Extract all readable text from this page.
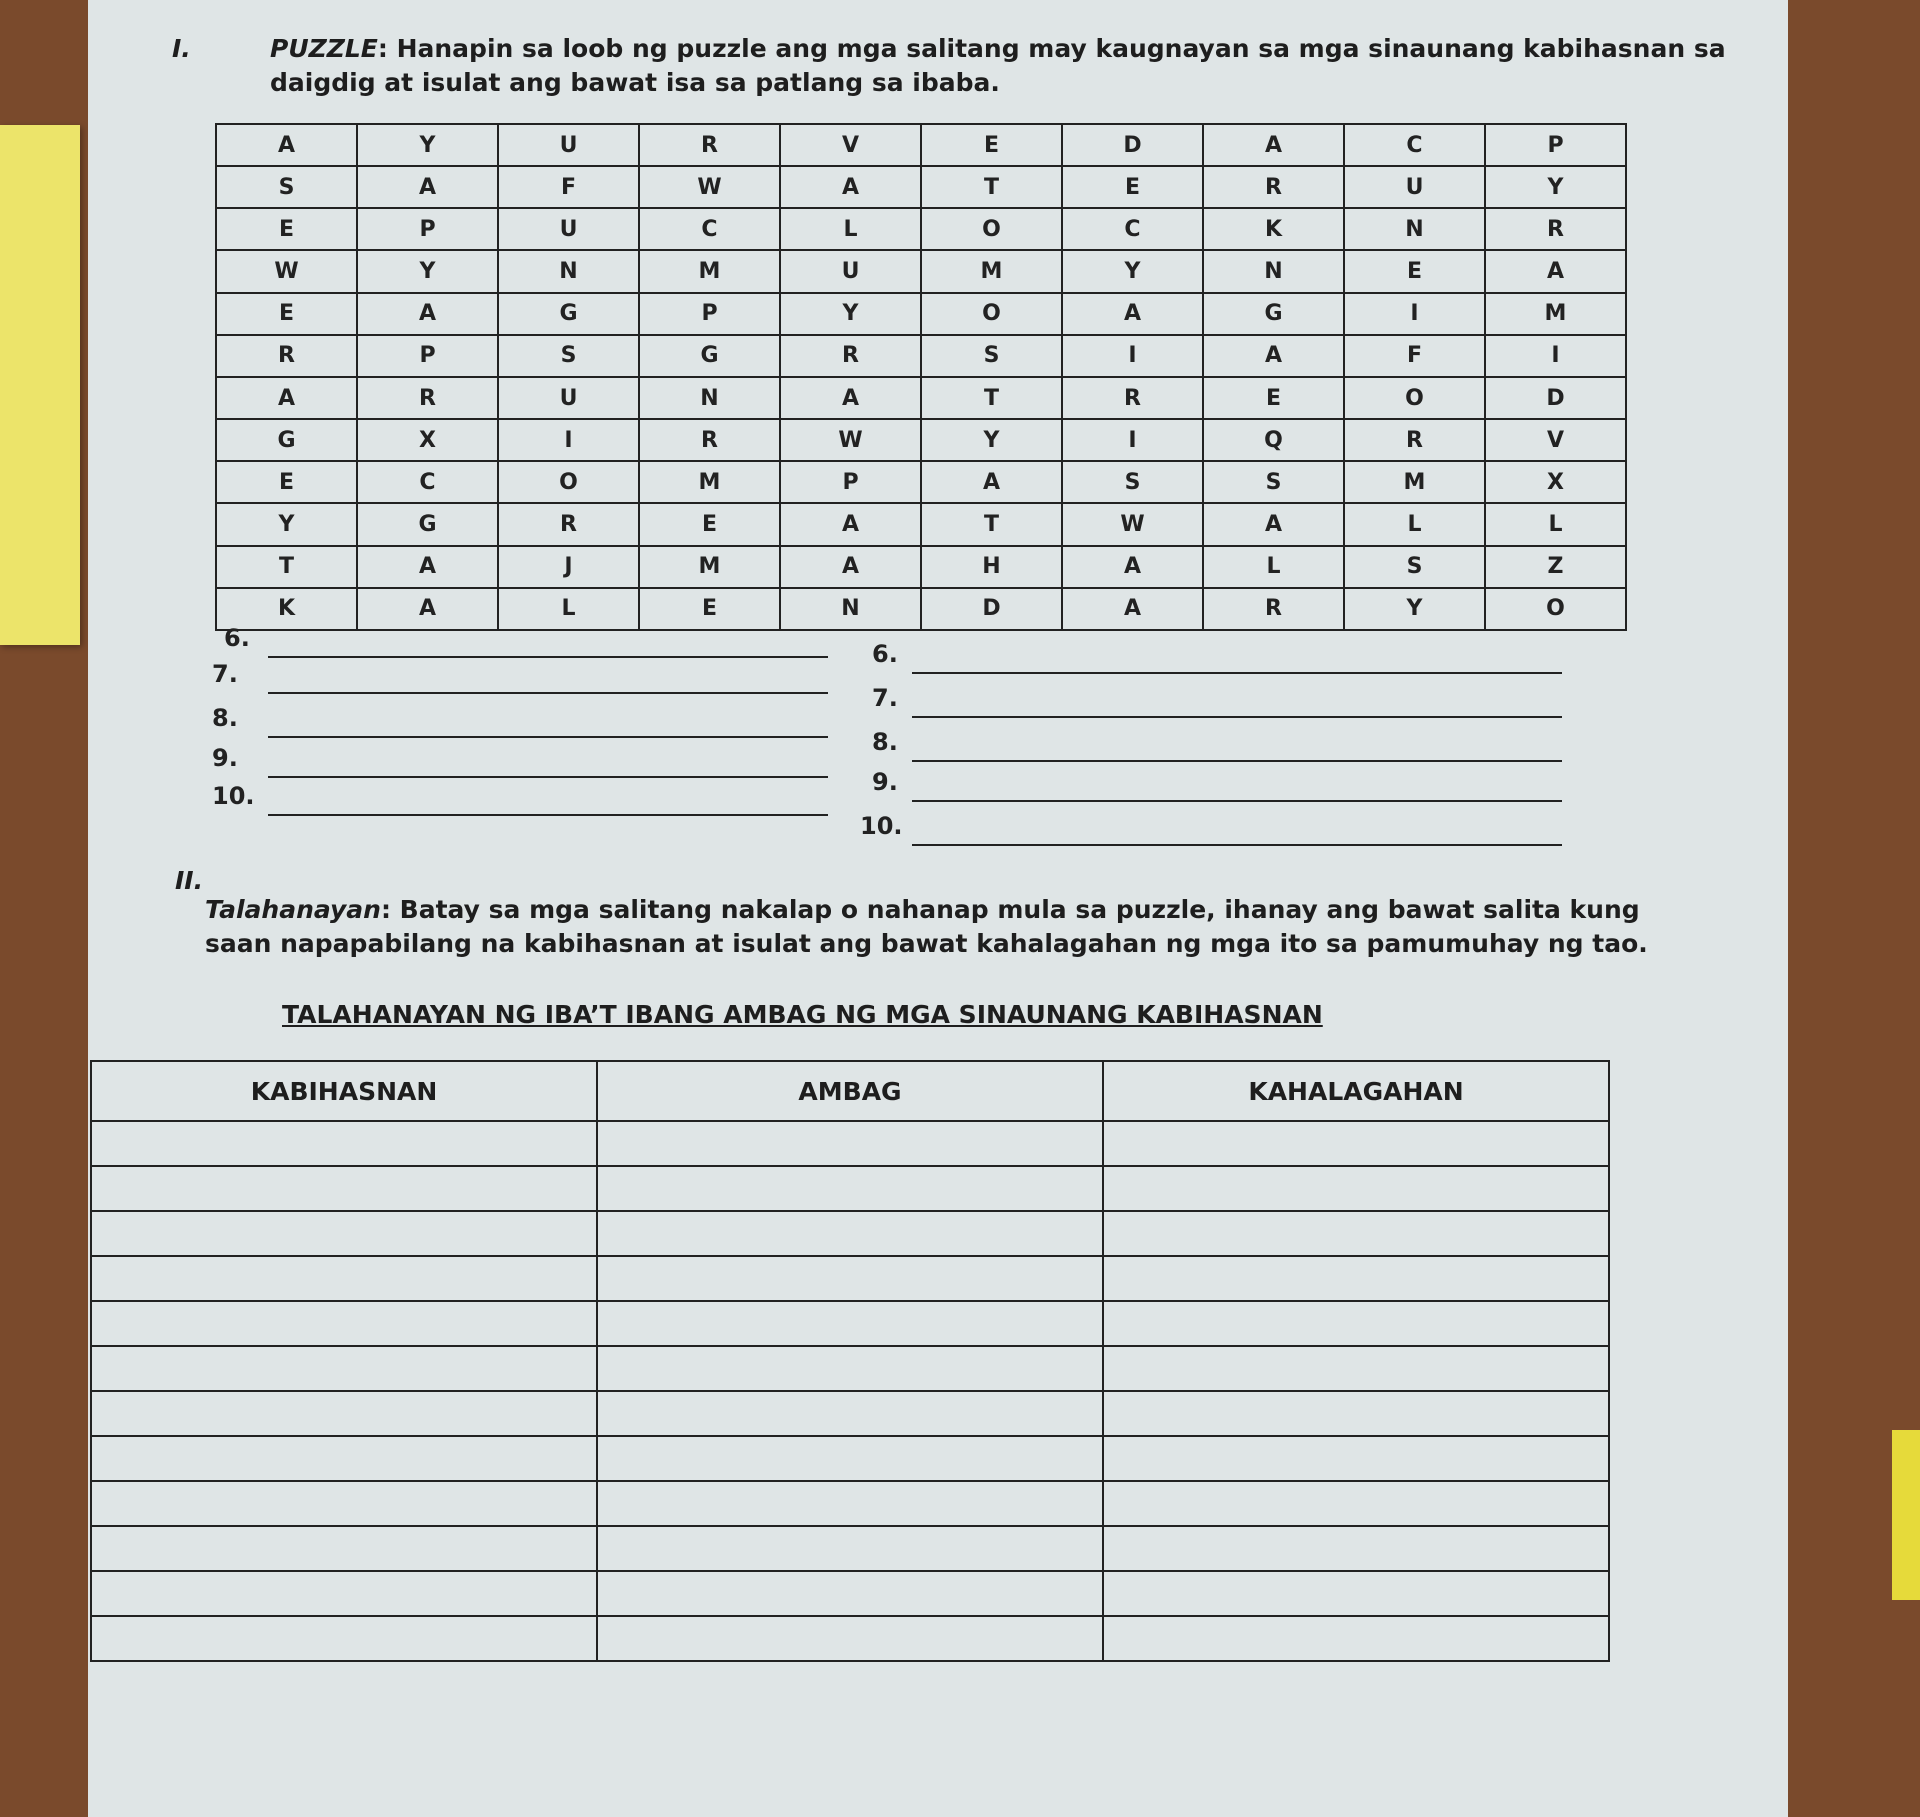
I.	PUZZLE: Hanapin sa loob ng puzzle ang mga salitang may kaugnayan sa mga sinaunang kabihasnan sa
daigdig at isulat ang bawat isa sa patlang sa ibaba.
A	Y	U	R	V	E	D	A	C	P
S	A	F	W	A	T	E	R	U	Y
E	P	U	C	L	O	C	K	N	R
W	Y	N	M	U	M	Y	N	E	A
E	A	G	P	Y	O	A	G	I	M
R	P	S	G	R	S	I	A	F	I
A	R	U	N	A	T	R	E	O	D
G	X	I	R	W	Y	I	Q	R	V
E	C	O	M	P	A	S	S	M	X
Y	G	R	E	A	T	W	A	L	L
T	A	J	M	A	H	A	L	S	Z
K	A	L	E	N	D	A	R	Y	O
6.
7.
8.
9.
10.
6.
7.
8.
9.
10.
II.
Talahanayan: Batay sa mga salitang nakalap o nahanap mula sa puzzle, ihanay ang bawat salita kung
saan napapabilang na kabihasnan at isulat ang bawat kahalagahan ng mga ito sa pamumuhay ng tao.
TALAHANAYAN NG IBA’T IBANG AMBAG NG MGA SINAUNANG KABIHASNAN
KABIHASNAN	AMBAG	KAHALAGAHAN
